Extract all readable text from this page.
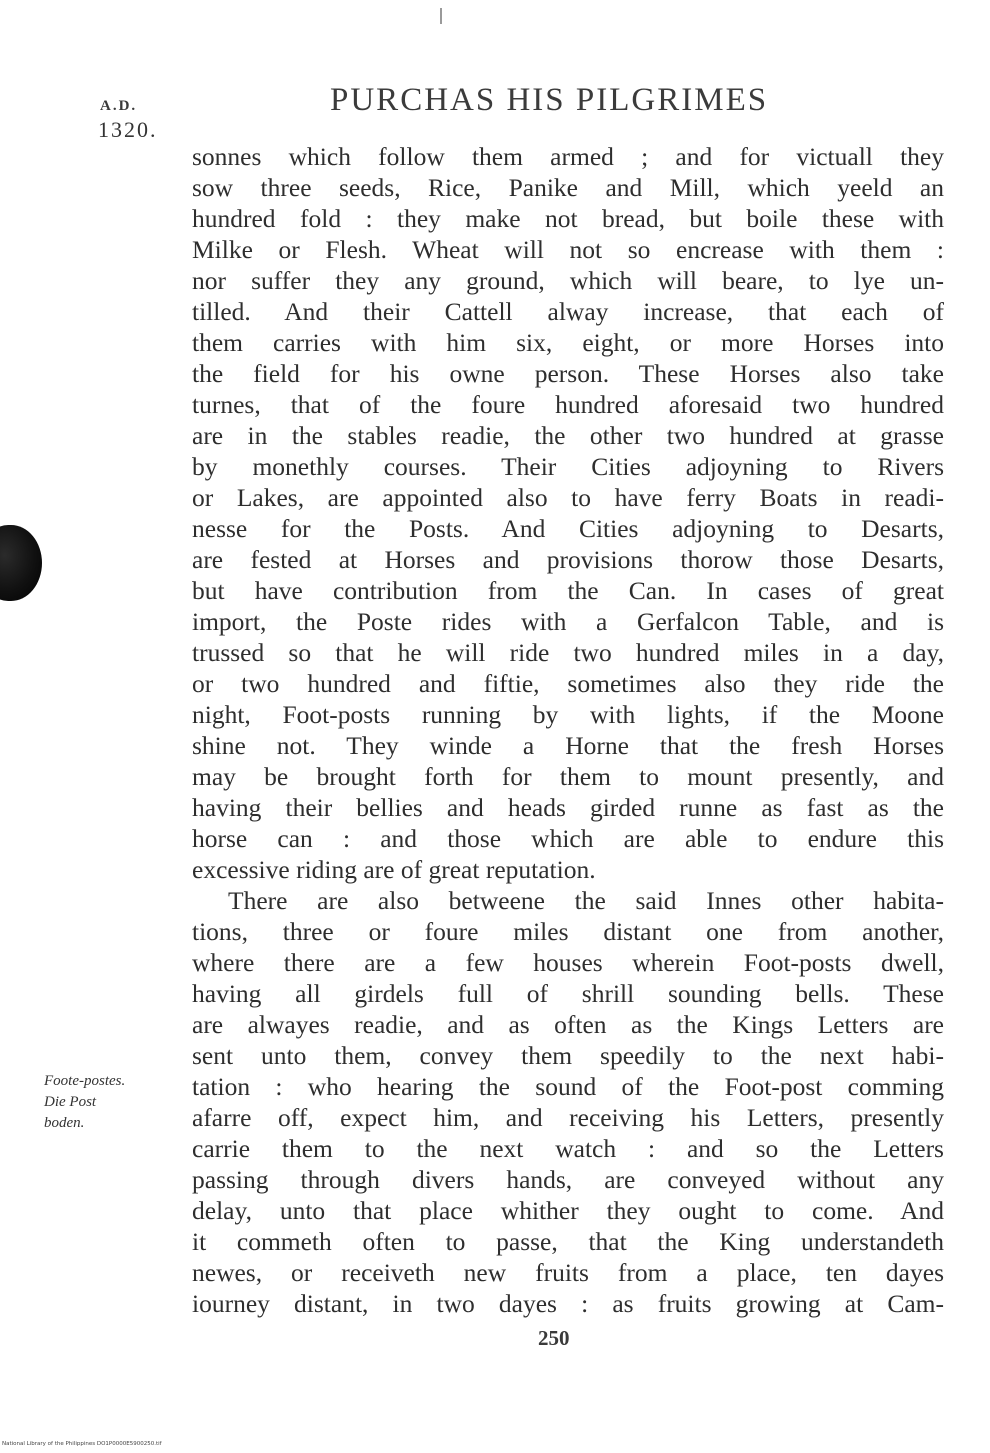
A.D.
1320.
PURCHAS HIS PILGRIMES
sonnes which follow them armed ; and for victuall they
sow three seeds, Rice, Panike and Mill, which yeeld an
hundred fold : they make not bread, but boile these with
Milke or Flesh. Wheat will not so encrease with them :
nor suffer they any ground, which will beare, to lye un-
tilled. And their Cattell alway increase, that each of
them carries with him six, eight, or more Horses into
the field for his owne person. These Horses also take
turnes, that of the foure hundred aforesaid two hundred
are in the stables readie, the other two hundred at grasse
by monethly courses. Their Cities adjoyning to Rivers
or Lakes, are appointed also to have ferry Boats in readi-
nesse for the Posts. And Cities adjoyning to Desarts,
are fested at Horses and provisions thorow those Desarts,
but have contribution from the Can. In cases of great
import, the Poste rides with a Gerfalcon Table, and is
trussed so that he will ride two hundred miles in a day,
or two hundred and fiftie, sometimes also they ride the
night, Foot-posts running by with lights, if the Moone
shine not. They winde a Horne that the fresh Horses
may be brought forth for them to mount presently, and
having their bellies and heads girded runne as fast as the
horse can : and those which are able to endure this
excessive riding are of great reputation.
There are also betweene the said Innes other habita-
tions, three or foure miles distant one from another,
where there are a few houses wherein Foot-posts dwell,
having all girdels full of shrill sounding bells. These
are alwayes readie, and as often as the Kings Letters are
sent unto them, convey them speedily to the next habi-
tation : who hearing the sound of the Foot-post comming
afarre off, expect him, and receiving his Letters, presently
carrie them to the next watch : and so the Letters
passing through divers hands, are conveyed without any
delay, unto that place whither they ought to come. And
it commeth often to passe, that the King understandeth
newes, or receiveth new fruits from a place, ten dayes
iourney distant, in two dayes : as fruits growing at Cam-
Foote-postes.
Die Post
boden.
250
National Library of the Philippines DO1P0000E5900250.tif
